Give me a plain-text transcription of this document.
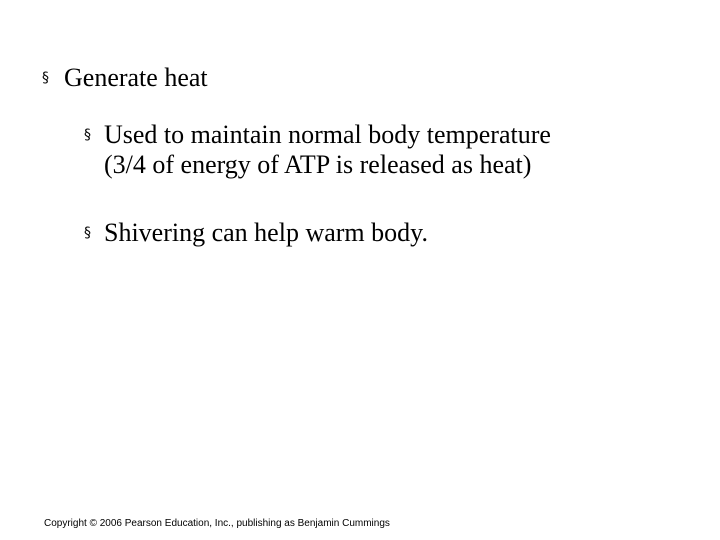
§ Generate heat
§ Used to maintain normal body temperature
(3/4 of energy of ATP is released as heat)
§ Shivering can help warm body.
Copyright © 2006 Pearson Education, Inc., publishing as Benjamin Cummings
